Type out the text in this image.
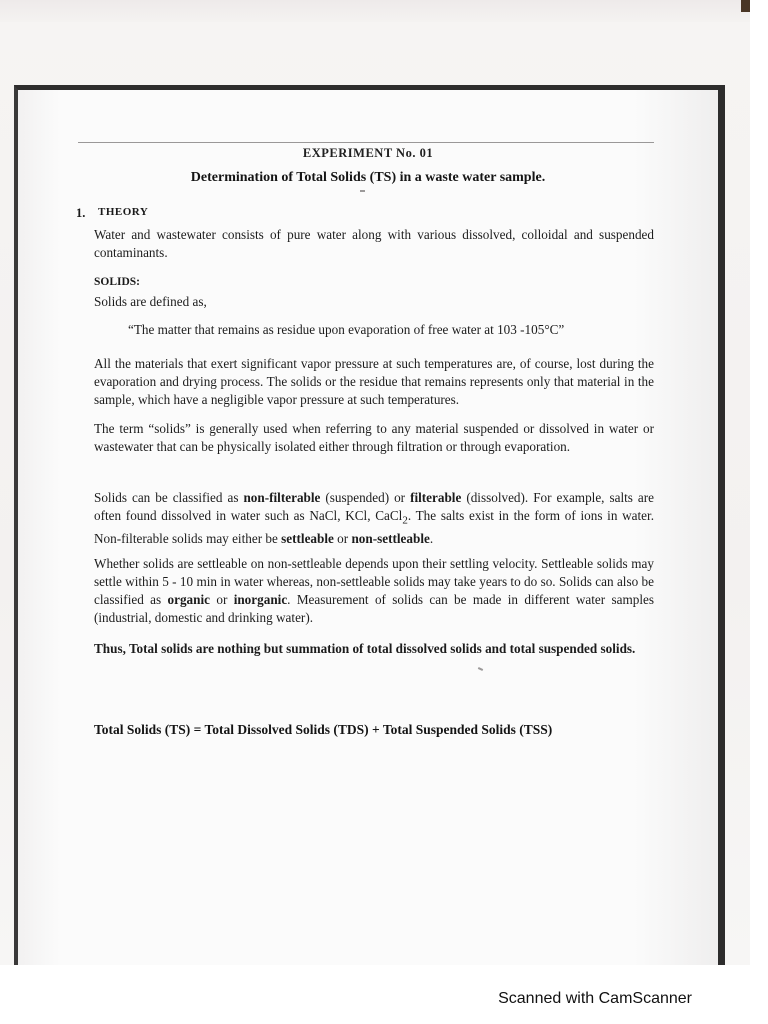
EXPERIMENT No. 01
Determination of Total Solids (TS) in a waste water sample.
1. THEORY
Water and wastewater consists of pure water along with various dissolved, colloidal and suspended contaminants.
SOLIDS:
Solids are defined as,
“The matter that remains as residue upon evaporation of free water at 103 -105°C”
All the materials that exert significant vapor pressure at such temperatures are, of course, lost during the evaporation and drying process. The solids or the residue that remains represents only that material in the sample, which have a negligible vapor pressure at such temperatures.
The term “solids” is generally used when referring to any material suspended or dissolved in water or wastewater that can be physically isolated either through filtration or through evaporation.
Solids can be classified as non-filterable (suspended) or filterable (dissolved). For example, salts are often found dissolved in water such as NaCl, KCl, CaCl$_2$. The salts exist in the form of ions in water. Non-filterable solids may either be settleable or non-settleable.
Whether solids are settleable on non-settleable depends upon their settling velocity. Settleable solids may settle within 5 - 10 min in water whereas, non-settleable solids may take years to do so. Solids can also be classified as organic or inorganic. Measurement of solids can be made in different water samples (industrial, domestic and drinking water).
Thus, Total solids are nothing but summation of total dissolved solids and total suspended solids.
Total Solids (TS) = Total Dissolved Solids (TDS) + Total Suspended Solids (TSS)
Scanned with CamScanner
